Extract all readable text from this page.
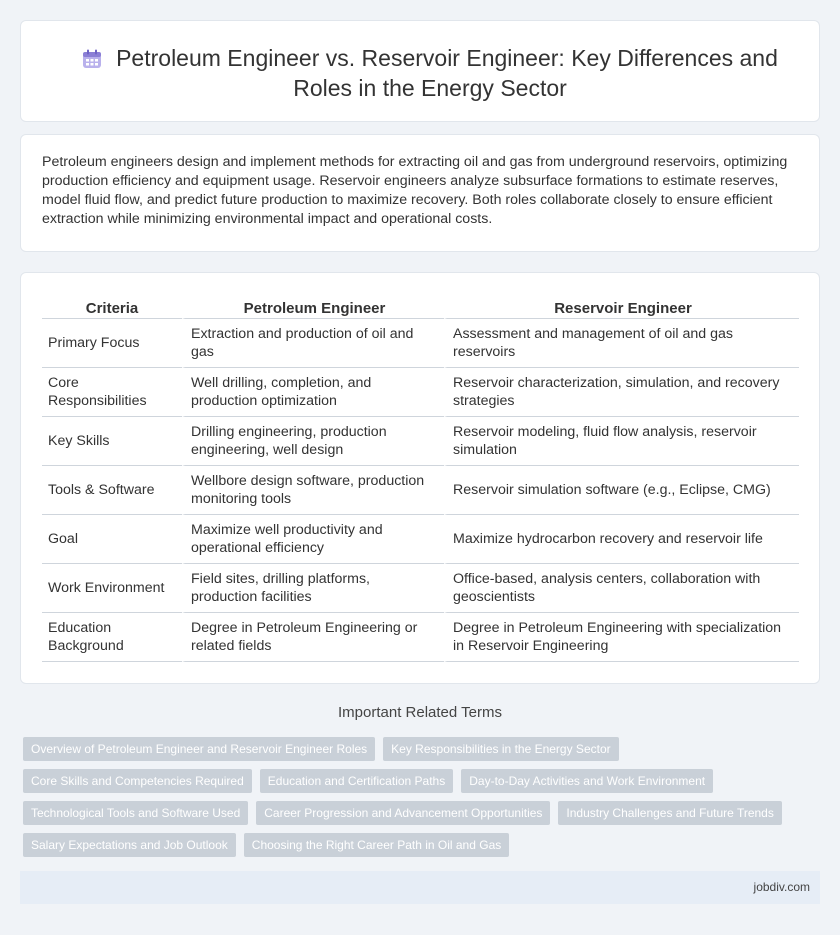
Petroleum Engineer vs. Reservoir Engineer: Key Differences and Roles in the Energy Sector

Petroleum engineers design and implement methods for extracting oil and gas from underground reservoirs, optimizing production efficiency and equipment usage. Reservoir engineers analyze subsurface formations to estimate reserves, model fluid flow, and predict future production to maximize recovery. Both roles collaborate closely to ensure efficient extraction while minimizing environmental impact and operational costs.

Criteria	Petroleum Engineer	Reservoir Engineer
Primary Focus	Extraction and production of oil and gas	Assessment and management of oil and gas reservoirs
Core Responsibilities	Well drilling, completion, and production optimization	Reservoir characterization, simulation, and recovery strategies
Key Skills	Drilling engineering, production engineering, well design	Reservoir modeling, fluid flow analysis, reservoir simulation
Tools & Software	Wellbore design software, production monitoring tools	Reservoir simulation software (e.g., Eclipse, CMG)
Goal	Maximize well productivity and operational efficiency	Maximize hydrocarbon recovery and reservoir life
Work Environment	Field sites, drilling platforms, production facilities	Office-based, analysis centers, collaboration with geoscientists
Education Background	Degree in Petroleum Engineering or related fields	Degree in Petroleum Engineering with specialization in Reservoir Engineering
Important Related Terms
Overview of Petroleum Engineer and Reservoir Engineer Roles	Key Responsibilities in the Energy Sector
Core Skills and Competencies Required	Education and Certification Paths	Day-to-Day Activities and Work Environment
Technological Tools and Software Used	Career Progression and Advancement Opportunities	Industry Challenges and Future Trends
Salary Expectations and Job Outlook	Choosing the Right Career Path in Oil and Gas
jobdiv.com
